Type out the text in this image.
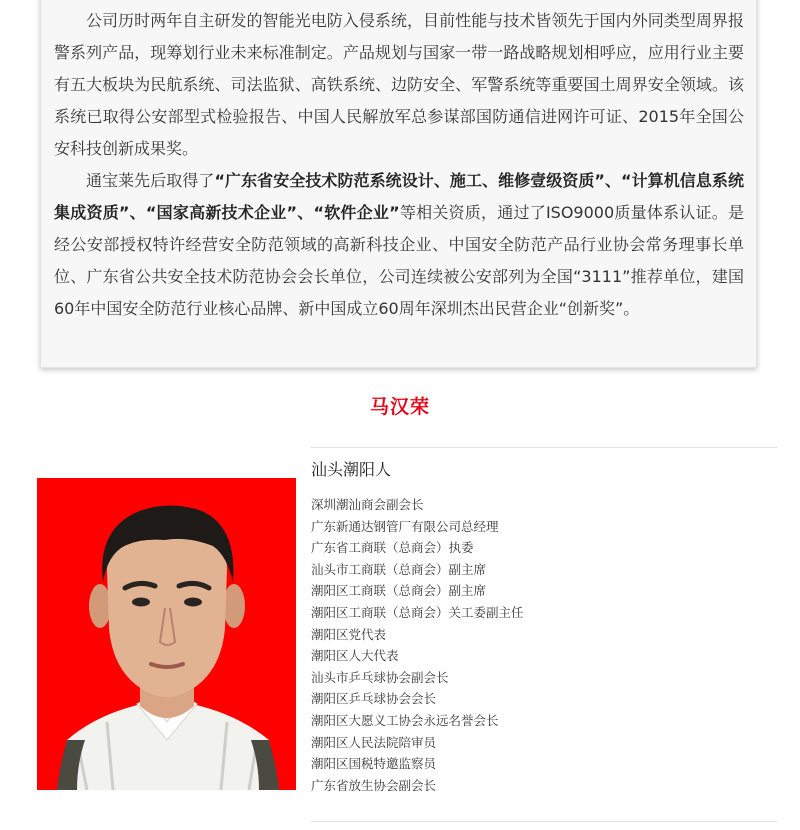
公司历时两年自主研发的智能光电防入侵系统，目前性能与技术皆领先于国内外同类型周界报警系列产品，现筹划行业未来标准制定。产品规划与国家一带一路战略规划相呼应，应用行业主要有五大板块为民航系统、司法监狱、高铁系统、边防安全、军警系统等重要国土周界安全领域。该系统已取得公安部型式检验报告、中国人民解放军总参谋部国防通信进网许可证、2015年全国公安科技创新成果奖。

通宝莱先后取得了“广东省安全技术防范系统设计、施工、维修壹级资质”、“计算机信息系统集成资质”、“国家高新技术企业”、“软件企业”等相关资质，通过了ISO9000质量体系认证。是经公安部授权特许经营安全防范领域的高新科技企业、中国安全防范产品行业协会常务理事长单位、广东省公共安全技术防范协会会长单位，公司连续被公安部列为全国“3111”推荐单位，建国60年中国安全防范行业核心品牌、新中国成立60周年深圳杰出民营企业“创新奖”。

马汉荣
汕头潮阳人
深圳潮汕商会副会长
广东新通达钢管厂有限公司总经理
广东省工商联（总商会）执委
汕头市工商联（总商会）副主席
潮阳区工商联（总商会）副主席
潮阳区工商联（总商会）关工委副主任
潮阳区党代表
潮阳区人大代表
汕头市乒乓球协会副会长
潮阳区乒乓球协会会长
潮阳区大愿义工协会永远名誉会长
潮阳区人民法院陪审员
潮阳区国税特邀监察员
广东省放生协会副会长
